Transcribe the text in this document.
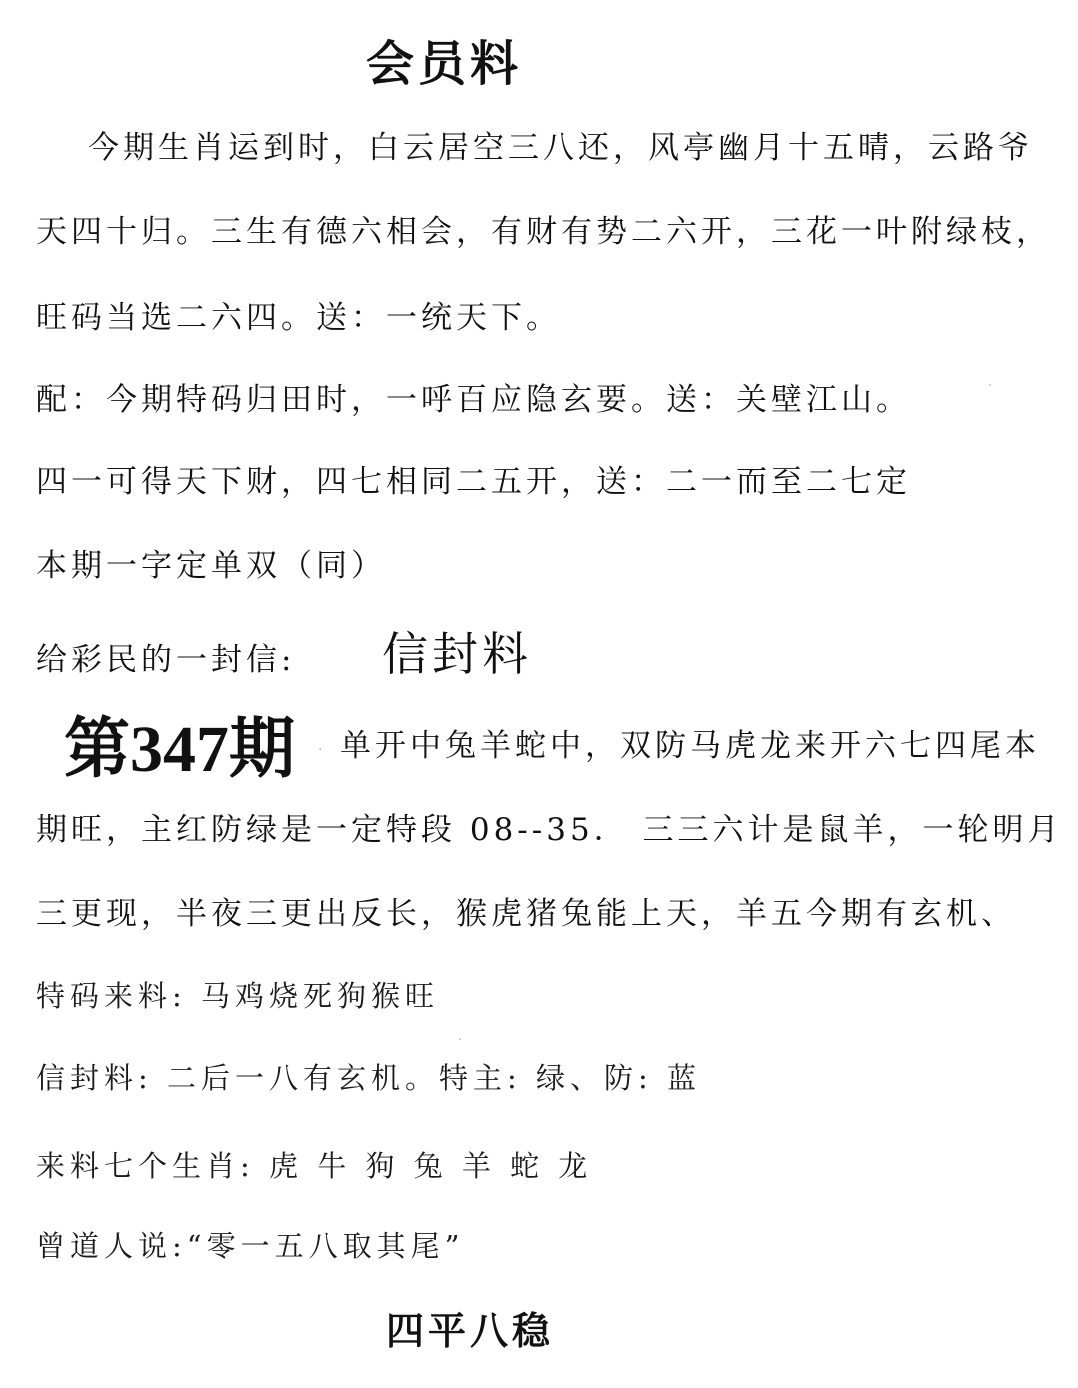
会员料
今期生肖运到时，白云居空三八还，风亭幽月十五晴，云路爷
天四十归。三生有德六相会，有财有势二六开，三花一叶附绿枝，
旺码当选二六四。送：一统天下。
配：今期特码归田时，一呼百应隐玄要。送：关壁江山。
四一可得天下财，四七相同二五开，送：二一而至二七定
本期一字定单双（同）
给彩民的一封信: 信封料
第347期 单开中兔羊蛇中，双防马虎龙来开六七四尾本
期旺，主红防绿是一定特段 08--35． 三三六计是鼠羊，一轮明月
三更现，半夜三更出反长，猴虎猪兔能上天，羊五今期有玄机、
特码来料: 马鸡烧死狗猴旺
信封料: 二后一八有玄机。特主: 绿、防: 蓝
来料七个生肖: 虎 牛 狗 兔 羊 蛇 龙
曾道人说:“零一五八取其尾”
四平八稳
·
·
·
